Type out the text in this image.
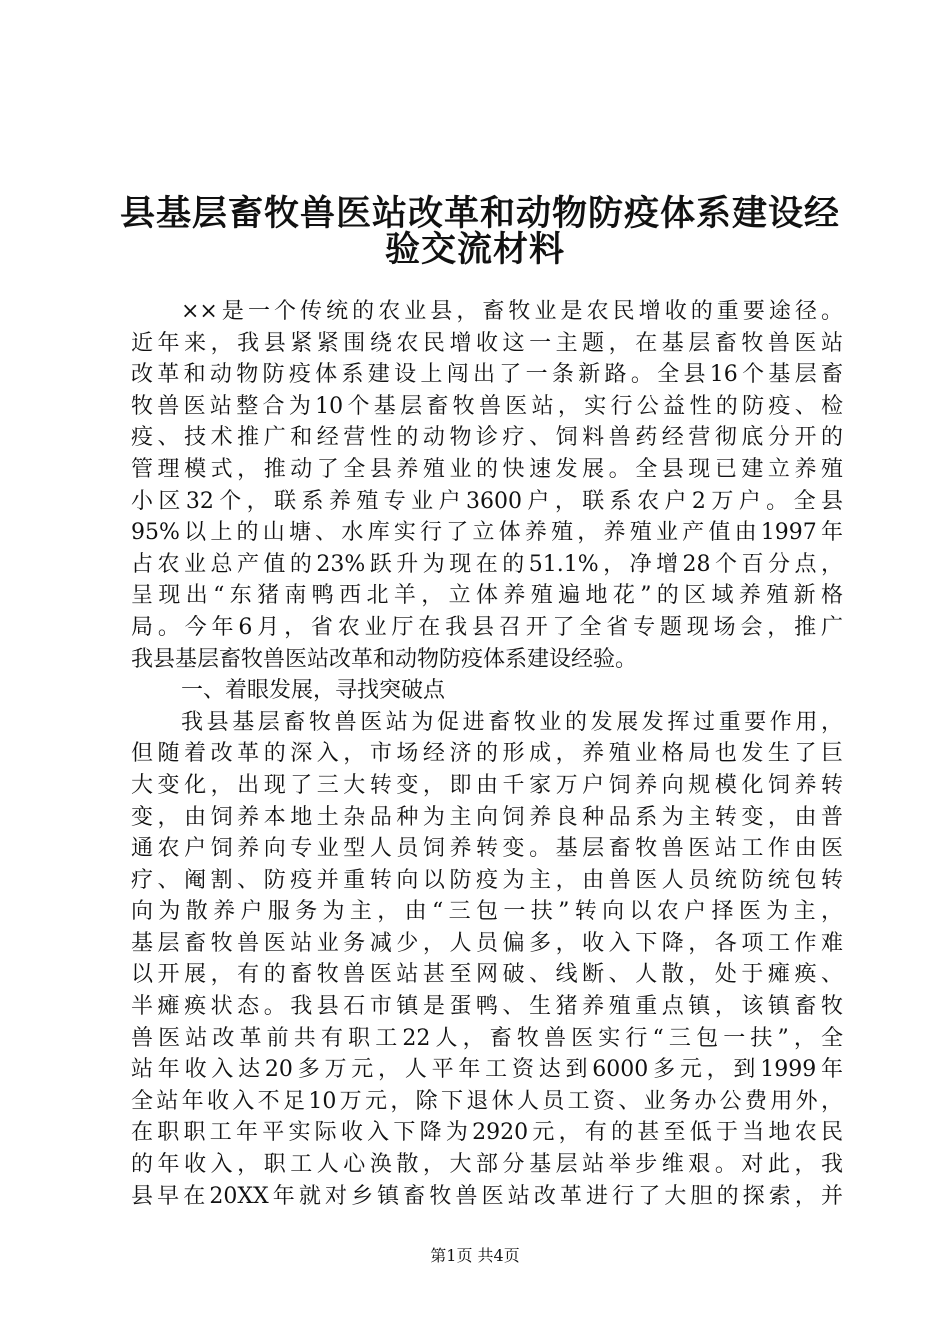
县基层畜牧兽医站改革和动物防疫体系建设经
验交流材料
××是一个传统的农业县，畜牧业是农民增收的重要途径。
近年来，我县紧紧围绕农民增收这一主题，在基层畜牧兽医站
改革和动物防疫体系建设上闯出了一条新路。全县16个基层畜
牧兽医站整合为10个基层畜牧兽医站，实行公益性的防疫、检
疫、技术推广和经营性的动物诊疗、饲料兽药经营彻底分开的
管理模式，推动了全县养殖业的快速发展。全县现已建立养殖
小区32个，联系养殖专业户3600户，联系农户2万户。全县
95%以上的山塘、水库实行了立体养殖，养殖业产值由1997年
占农业总产值的23%跃升为现在的51.1%，净增28个百分点，
呈现出“东猪南鸭西北羊，立体养殖遍地花”的区域养殖新格
局。今年6月，省农业厅在我县召开了全省专题现场会，推广
我县基层畜牧兽医站改革和动物防疫体系建设经验。
一、着眼发展，寻找突破点
我县基层畜牧兽医站为促进畜牧业的发展发挥过重要作用，
但随着改革的深入，市场经济的形成，养殖业格局也发生了巨
大变化，出现了三大转变，即由千家万户饲养向规模化饲养转
变，由饲养本地土杂品种为主向饲养良种品系为主转变，由普
通农户饲养向专业型人员饲养转变。基层畜牧兽医站工作由医
疗、阉割、防疫并重转向以防疫为主，由兽医人员统防统包转
向为散养户服务为主，由“三包一扶”转向以农户择医为主，
基层畜牧兽医站业务减少，人员偏多，收入下降，各项工作难
以开展，有的畜牧兽医站甚至网破、线断、人散，处于瘫痪、
半瘫痪状态。我县石市镇是蛋鸭、生猪养殖重点镇，该镇畜牧
兽医站改革前共有职工22人，畜牧兽医实行“三包一扶”，全
站年收入达20多万元，人平年工资达到6000多元，到1999年
全站年收入不足10万元，除下退休人员工资、业务办公费用外，
在职职工年平实际收入下降为2920元，有的甚至低于当地农民
的年收入，职工人心涣散，大部分基层站举步维艰。对此，我
县早在20XX年就对乡镇畜牧兽医站改革进行了大胆的探索，并
第1页 共4页
